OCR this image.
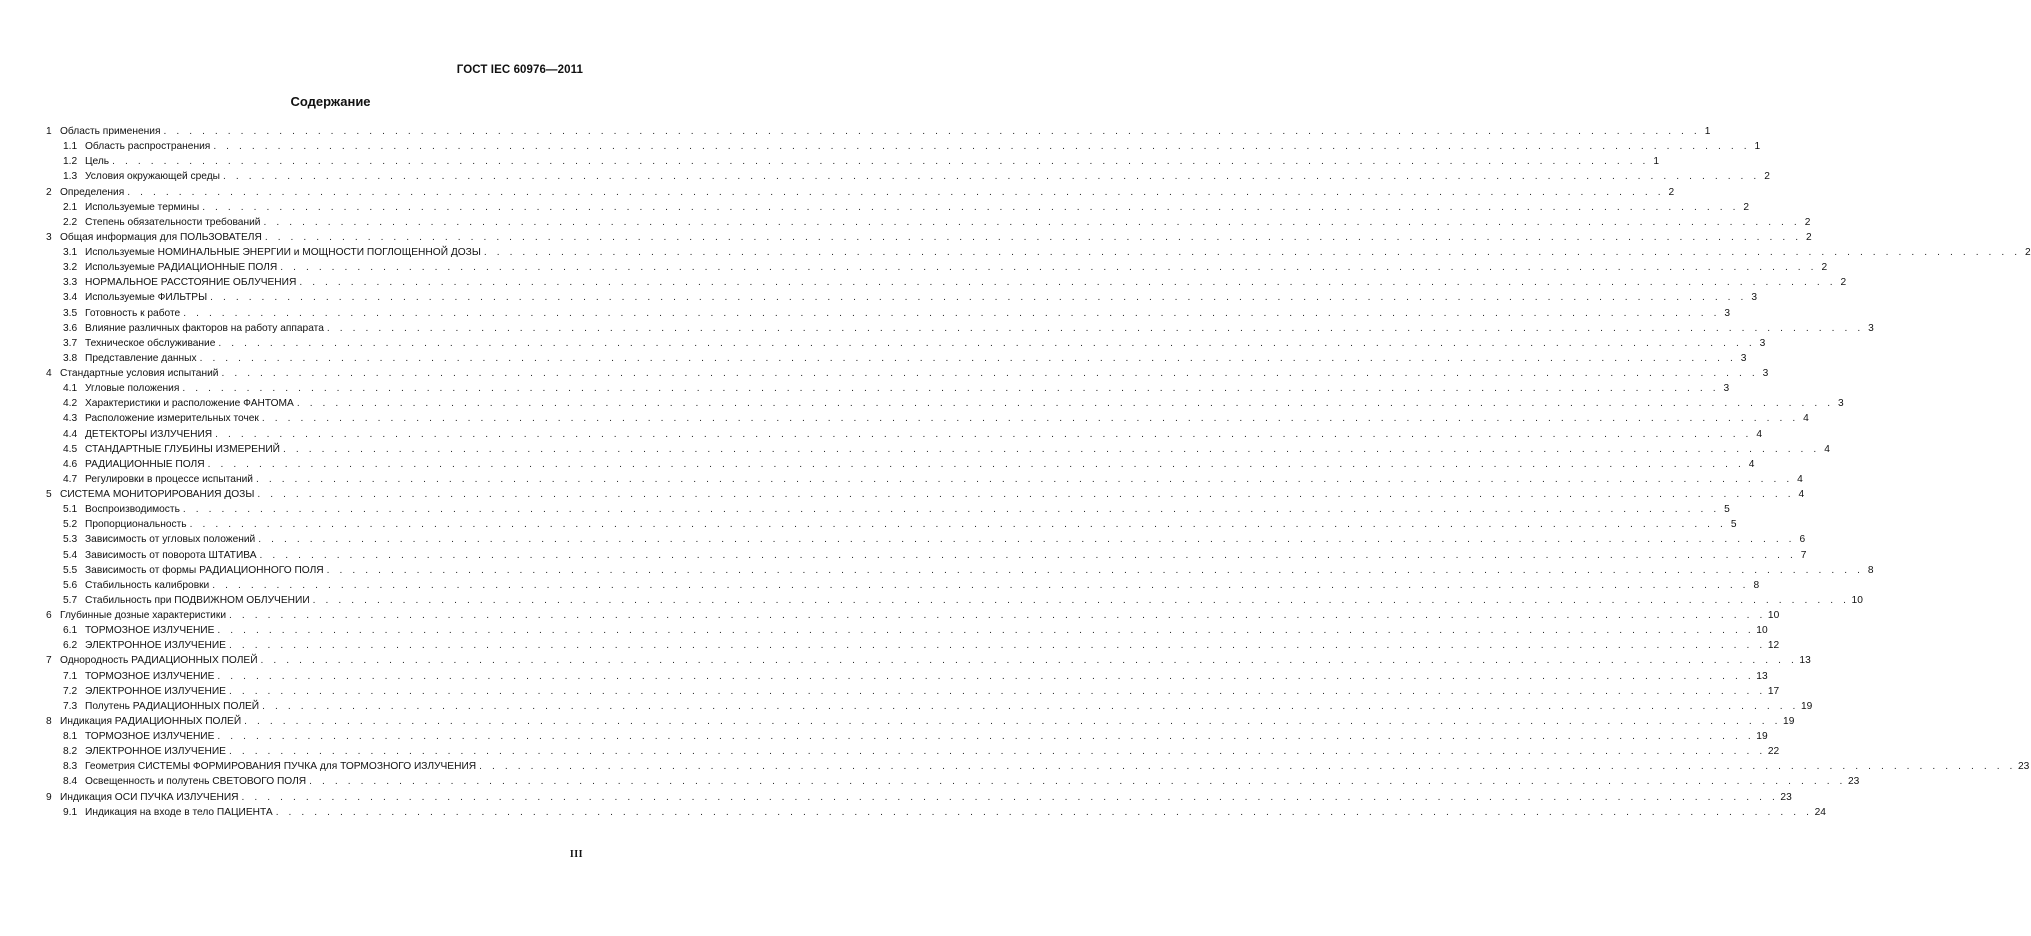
ГОСТ IEC 60976—2011
Содержание
1 Область применения . . . . . . . . . . . . . . . . . . . . . . . . . . . . . . . . . . . . . . . . . . . . . . . . . . . . . . . . . . . . . . . . . . . . . . . . . . . . . . . . . . . . . . . . . . . . . . . . . . . . . . . . . . . . . . . . . . . . . . . . 1
1.1 Область распространения . . . . . . . . . . . . . . . . . . . . . . . . . . . . . . . . . . . . . . . . . . . . . . . . . . . . . . . . . . . . . . . . . . . . . . . . . . . . . . . . . . . . . . . . . . . . . . . . . . . . . . . . . . . . . . . . . . . . . . . . 1
1.2 Цель . . . . . . . . . . . . . . . . . . . . . . . . . . . . . . . . . . . . . . . . . . . . . . . . . . . . . . . . . . . . . . . . . . . . . . . . . . . . . . . . . . . . . . . . . . . . . . . . . . . . . . . . . . . . . . . . . . . . . . . . 1
1.3 Условия окружающей среды . . . . . . . . . . . . . . . . . . . . . . . . . . . . . . . . . . . . . . . . . . . . . . . . . . . . . . . . . . . . . . . . . . . . . . . . . . . . . . . . . . . . . . . . . . . . . . . . . . . . . . . . . . . . . . . . . . . . . . . . 2
2 Определения . . . . . . . . . . . . . . . . . . . . . . . . . . . . . . . . . . . . . . . . . . . . . . . . . . . . . . . . . . . . . . . . . . . . . . . . . . . . . . . . . . . . . . . . . . . . . . . . . . . . . . . . . . . . . . . . . . . . . . . . 2
2.1 Используемые термины . . . . . . . . . . . . . . . . . . . . . . . . . . . . . . . . . . . . . . . . . . . . . . . . . . . . . . . . . . . . . . . . . . . . . . . . . . . . . . . . . . . . . . . . . . . . . . . . . . . . . . . . . . . . . . . . . . . . . . . . 2
2.2 Степень обязательности требований . . . . . . . . . . . . . . . . . . . . . . . . . . . . . . . . . . . . . . . . . . . . . . . . . . . . . . . . . . . . . . . . . . . . . . . . . . . . . . . . . . . . . . . . . . . . . . . . . . . . . . . . . . . . . . . . . . . . . . . . 2
3 Общая информация для ПОЛЬЗОВАТЕЛЯ . . . . . . . . . . . . . . . . . . . . . . . . . . . . . . . . . . . . . . . . . . . . . . . . . . . . . . . . . . . . . . . . . . . . . . . . . . . . . . . . . . . . . . . . . . . . . . . . . . . . . . . . . . . . . . . . . . . . . . . . 2
3.1 Используемые НОМИНАЛЬНЫЕ ЭНЕРГИИ и МОЩНОСТИ ПОГЛОЩЕННОЙ ДОЗЫ . . . . . . . . . . . . . . . . . . . . . . . . . . . . . . . . . . . . . . . . . . . . . . . . . . . . . . . . . . . . . . . . . . . . . . . . . . . . . . . . . . . . . . . . . . . . . . . . . . . . . . . . . . . . . . . . . . . . . . . . 2
3.2 Используемые РАДИАЦИОННЫЕ ПОЛЯ . . . . . . . . . . . . . . . . . . . . . . . . . . . . . . . . . . . . . . . . . . . . . . . . . . . . . . . . . . . . . . . . . . . . . . . . . . . . . . . . . . . . . . . . . . . . . . . . . . . . . . . . . . . . . . . . . . . . . . . . 2
3.3 НОРМАЛЬНОЕ РАССТОЯНИЕ ОБЛУЧЕНИЯ . . . . . . . . . . . . . . . . . . . . . . . . . . . . . . . . . . . . . . . . . . . . . . . . . . . . . . . . . . . . . . . . . . . . . . . . . . . . . . . . . . . . . . . . . . . . . . . . . . . . . . . . . . . . . . . . . . . . . . . . 2
3.4 Используемые ФИЛЬТРЫ . . . . . . . . . . . . . . . . . . . . . . . . . . . . . . . . . . . . . . . . . . . . . . . . . . . . . . . . . . . . . . . . . . . . . . . . . . . . . . . . . . . . . . . . . . . . . . . . . . . . . . . . . . . . . . . . . . . . . . . . 3
3.5 Готовность к работе . . . . . . . . . . . . . . . . . . . . . . . . . . . . . . . . . . . . . . . . . . . . . . . . . . . . . . . . . . . . . . . . . . . . . . . . . . . . . . . . . . . . . . . . . . . . . . . . . . . . . . . . . . . . . . . . . . . . . . . . 3
3.6 Влияние различных факторов на работу аппарата . . . . . . . . . . . . . . . . . . . . . . . . . . . . . . . . . . . . . . . . . . . . . . . . . . . . . . . . . . . . . . . . . . . . . . . . . . . . . . . . . . . . . . . . . . . . . . . . . . . . . . . . . . . . . . . . . . . . . . . . 3
3.7 Техническое обслуживание . . . . . . . . . . . . . . . . . . . . . . . . . . . . . . . . . . . . . . . . . . . . . . . . . . . . . . . . . . . . . . . . . . . . . . . . . . . . . . . . . . . . . . . . . . . . . . . . . . . . . . . . . . . . . . . . . . . . . . . . 3
3.8 Представление данных . . . . . . . . . . . . . . . . . . . . . . . . . . . . . . . . . . . . . . . . . . . . . . . . . . . . . . . . . . . . . . . . . . . . . . . . . . . . . . . . . . . . . . . . . . . . . . . . . . . . . . . . . . . . . . . . . . . . . . . . 3
4 Стандартные условия испытаний . . . . . . . . . . . . . . . . . . . . . . . . . . . . . . . . . . . . . . . . . . . . . . . . . . . . . . . . . . . . . . . . . . . . . . . . . . . . . . . . . . . . . . . . . . . . . . . . . . . . . . . . . . . . . . . . . . . . . . . . 3
4.1 Угловые положения . . . . . . . . . . . . . . . . . . . . . . . . . . . . . . . . . . . . . . . . . . . . . . . . . . . . . . . . . . . . . . . . . . . . . . . . . . . . . . . . . . . . . . . . . . . . . . . . . . . . . . . . . . . . . . . . . . . . . . . . 3
4.2 Характеристики и расположение ФАНТОМА . . . . . . . . . . . . . . . . . . . . . . . . . . . . . . . . . . . . . . . . . . . . . . . . . . . . . . . . . . . . . . . . . . . . . . . . . . . . . . . . . . . . . . . . . . . . . . . . . . . . . . . . . . . . . . . . . . . . . . . . 3
4.3 Расположение измерительных точек . . . . . . . . . . . . . . . . . . . . . . . . . . . . . . . . . . . . . . . . . . . . . . . . . . . . . . . . . . . . . . . . . . . . . . . . . . . . . . . . . . . . . . . . . . . . . . . . . . . . . . . . . . . . . . . . . . . . . . . . 4
4.4 ДЕТЕКТОРЫ ИЗЛУЧЕНИЯ . . . . . . . . . . . . . . . . . . . . . . . . . . . . . . . . . . . . . . . . . . . . . . . . . . . . . . . . . . . . . . . . . . . . . . . . . . . . . . . . . . . . . . . . . . . . . . . . . . . . . . . . . . . . . . . . . . . . . . . . 4
4.5 СТАНДАРТНЫЕ ГЛУБИНЫ ИЗМЕРЕНИЙ . . . . . . . . . . . . . . . . . . . . . . . . . . . . . . . . . . . . . . . . . . . . . . . . . . . . . . . . . . . . . . . . . . . . . . . . . . . . . . . . . . . . . . . . . . . . . . . . . . . . . . . . . . . . . . . . . . . . . . . . 4
4.6 РАДИАЦИОННЫЕ ПОЛЯ . . . . . . . . . . . . . . . . . . . . . . . . . . . . . . . . . . . . . . . . . . . . . . . . . . . . . . . . . . . . . . . . . . . . . . . . . . . . . . . . . . . . . . . . . . . . . . . . . . . . . . . . . . . . . . . . . . . . . . . . 4
4.7 Регулировки в процессе испытаний . . . . . . . . . . . . . . . . . . . . . . . . . . . . . . . . . . . . . . . . . . . . . . . . . . . . . . . . . . . . . . . . . . . . . . . . . . . . . . . . . . . . . . . . . . . . . . . . . . . . . . . . . . . . . . . . . . . . . . . . 4
5 СИСТЕМА МОНИТОРИРОВАНИЯ ДОЗЫ . . . . . . . . . . . . . . . . . . . . . . . . . . . . . . . . . . . . . . . . . . . . . . . . . . . . . . . . . . . . . . . . . . . . . . . . . . . . . . . . . . . . . . . . . . . . . . . . . . . . . . . . . . . . . . . . . . . . . . . . 4
5.1 Воспроизводимость . . . . . . . . . . . . . . . . . . . . . . . . . . . . . . . . . . . . . . . . . . . . . . . . . . . . . . . . . . . . . . . . . . . . . . . . . . . . . . . . . . . . . . . . . . . . . . . . . . . . . . . . . . . . . . . . . . . . . . . . 5
5.2 Пропорциональность . . . . . . . . . . . . . . . . . . . . . . . . . . . . . . . . . . . . . . . . . . . . . . . . . . . . . . . . . . . . . . . . . . . . . . . . . . . . . . . . . . . . . . . . . . . . . . . . . . . . . . . . . . . . . . . . . . . . . . . . 5
5.3 Зависимость от угловых положений . . . . . . . . . . . . . . . . . . . . . . . . . . . . . . . . . . . . . . . . . . . . . . . . . . . . . . . . . . . . . . . . . . . . . . . . . . . . . . . . . . . . . . . . . . . . . . . . . . . . . . . . . . . . . . . . . . . . . . . . 6
5.4 Зависимость от поворота ШТАТИВА . . . . . . . . . . . . . . . . . . . . . . . . . . . . . . . . . . . . . . . . . . . . . . . . . . . . . . . . . . . . . . . . . . . . . . . . . . . . . . . . . . . . . . . . . . . . . . . . . . . . . . . . . . . . . . . . . . . . . . . . 7
5.5 Зависимость от формы РАДИАЦИОННОГО ПОЛЯ . . . . . . . . . . . . . . . . . . . . . . . . . . . . . . . . . . . . . . . . . . . . . . . . . . . . . . . . . . . . . . . . . . . . . . . . . . . . . . . . . . . . . . . . . . . . . . . . . . . . . . . . . . . . . . . . . . . . . . . . 8
5.6 Стабильность калибровки . . . . . . . . . . . . . . . . . . . . . . . . . . . . . . . . . . . . . . . . . . . . . . . . . . . . . . . . . . . . . . . . . . . . . . . . . . . . . . . . . . . . . . . . . . . . . . . . . . . . . . . . . . . . . . . . . . . . . . . . 8
5.7 Стабильность при ПОДВИЖНОМ ОБЛУЧЕНИИ . . . . . . . . . . . . . . . . . . . . . . . . . . . . . . . . . . . . . . . . . . . . . . . . . . . . . . . . . . . . . . . . . . . . . . . . . . . . . . . . . . . . . . . . . . . . . . . . . . . . . . . . . . . . . . . . . . . . . . . . 10
6 Глубинные дозные характеристики . . . . . . . . . . . . . . . . . . . . . . . . . . . . . . . . . . . . . . . . . . . . . . . . . . . . . . . . . . . . . . . . . . . . . . . . . . . . . . . . . . . . . . . . . . . . . . . . . . . . . . . . . . . . . . . . . . . . . . . . 10
6.1 ТОРМОЗНОЕ ИЗЛУЧЕНИЕ . . . . . . . . . . . . . . . . . . . . . . . . . . . . . . . . . . . . . . . . . . . . . . . . . . . . . . . . . . . . . . . . . . . . . . . . . . . . . . . . . . . . . . . . . . . . . . . . . . . . . . . . . . . . . . . . . . . . . . . . 10
6.2 ЭЛЕКТРОННОЕ ИЗЛУЧЕНИЕ . . . . . . . . . . . . . . . . . . . . . . . . . . . . . . . . . . . . . . . . . . . . . . . . . . . . . . . . . . . . . . . . . . . . . . . . . . . . . . . . . . . . . . . . . . . . . . . . . . . . . . . . . . . . . . . . . . . . . . . . 12
7 Однородность РАДИАЦИОННЫХ ПОЛЕЙ . . . . . . . . . . . . . . . . . . . . . . . . . . . . . . . . . . . . . . . . . . . . . . . . . . . . . . . . . . . . . . . . . . . . . . . . . . . . . . . . . . . . . . . . . . . . . . . . . . . . . . . . . . . . . . . . . . . . . . . . 13
7.1 ТОРМОЗНОЕ ИЗЛУЧЕНИЕ . . . . . . . . . . . . . . . . . . . . . . . . . . . . . . . . . . . . . . . . . . . . . . . . . . . . . . . . . . . . . . . . . . . . . . . . . . . . . . . . . . . . . . . . . . . . . . . . . . . . . . . . . . . . . . . . . . . . . . . . 13
7.2 ЭЛЕКТРОННОЕ ИЗЛУЧЕНИЕ . . . . . . . . . . . . . . . . . . . . . . . . . . . . . . . . . . . . . . . . . . . . . . . . . . . . . . . . . . . . . . . . . . . . . . . . . . . . . . . . . . . . . . . . . . . . . . . . . . . . . . . . . . . . . . . . . . . . . . . . 17
7.3 Полутень РАДИАЦИОННЫХ ПОЛЕЙ . . . . . . . . . . . . . . . . . . . . . . . . . . . . . . . . . . . . . . . . . . . . . . . . . . . . . . . . . . . . . . . . . . . . . . . . . . . . . . . . . . . . . . . . . . . . . . . . . . . . . . . . . . . . . . . . . . . . . . . . 19
8 Индикация РАДИАЦИОННЫХ ПОЛЕЙ . . . . . . . . . . . . . . . . . . . . . . . . . . . . . . . . . . . . . . . . . . . . . . . . . . . . . . . . . . . . . . . . . . . . . . . . . . . . . . . . . . . . . . . . . . . . . . . . . . . . . . . . . . . . . . . . . . . . . . . . 19
8.1 ТОРМОЗНОЕ ИЗЛУЧЕНИЕ . . . . . . . . . . . . . . . . . . . . . . . . . . . . . . . . . . . . . . . . . . . . . . . . . . . . . . . . . . . . . . . . . . . . . . . . . . . . . . . . . . . . . . . . . . . . . . . . . . . . . . . . . . . . . . . . . . . . . . . . 19
8.2 ЭЛЕКТРОННОЕ ИЗЛУЧЕНИЕ . . . . . . . . . . . . . . . . . . . . . . . . . . . . . . . . . . . . . . . . . . . . . . . . . . . . . . . . . . . . . . . . . . . . . . . . . . . . . . . . . . . . . . . . . . . . . . . . . . . . . . . . . . . . . . . . . . . . . . . . 22
8.3 Геометрия СИСТЕМЫ ФОРМИРОВАНИЯ ПУЧКА для ТОРМОЗНОГО ИЗЛУЧЕНИЯ . . . . . . . . . . . . . . . . . . . . . . . . . . . . . . . . . . . . . . . . . . . . . . . . . . . . . . . . . . . . . . . . . . . . . . . . . . . . . . . . . . . . . . . . . . . . . . . . . . . . . . . . . . . . . . . . . . . . . . . . 23
8.4 Освещенность и полутень СВЕТОВОГО ПОЛЯ . . . . . . . . . . . . . . . . . . . . . . . . . . . . . . . . . . . . . . . . . . . . . . . . . . . . . . . . . . . . . . . . . . . . . . . . . . . . . . . . . . . . . . . . . . . . . . . . . . . . . . . . . . . . . . . . . . . . . . . . 23
9 Индикация ОСИ ПУЧКА ИЗЛУЧЕНИЯ . . . . . . . . . . . . . . . . . . . . . . . . . . . . . . . . . . . . . . . . . . . . . . . . . . . . . . . . . . . . . . . . . . . . . . . . . . . . . . . . . . . . . . . . . . . . . . . . . . . . . . . . . . . . . . . . . . . . . . . . 23
9.1 Индикация на входе в тело ПАЦИЕНТА . . . . . . . . . . . . . . . . . . . . . . . . . . . . . . . . . . . . . . . . . . . . . . . . . . . . . . . . . . . . . . . . . . . . . . . . . . . . . . . . . . . . . . . . . . . . . . . . . . . . . . . . . . . . . . . . . . . . . . . . 24
III
